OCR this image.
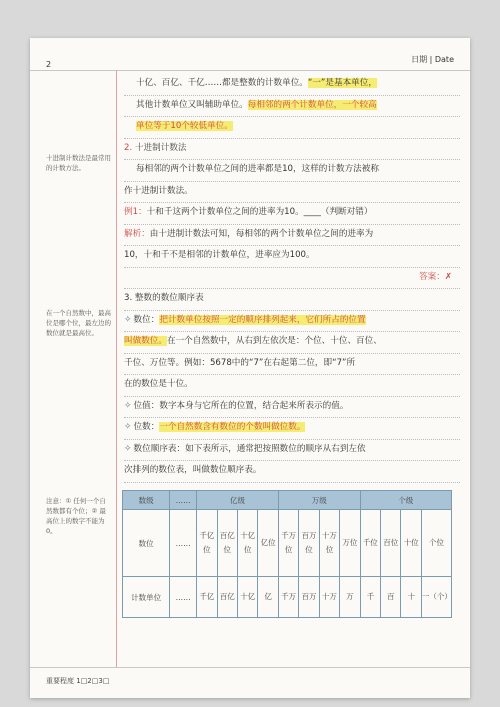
2
日期 | Date
十进制计数法是最常用的计数方法。
在一个自然数中，最高位是哪个位，最左边的数位就是最高位。
注意：① 任何一个自然数都有个位；② 最高位上的数字不能为0。
十亿、百亿、千亿……都是整数的计数单位。“一”是基本单位，
其他计数单位又叫辅助单位。每相邻的两个计数单位，一个较高
单位等于10个较低单位。
2. 十进制计数法
每相邻的两个计数单位之间的进率都是10，这样的计数方法被称
作十进制计数法。
例1：十和千这两个计数单位之间的进率为10。____（判断对错）
解析：由十进制计数法可知，每相邻的两个计数单位之间的进率为
10，十和千不是相邻的计数单位，进率应为100。
答案：✗
3. 整数的数位顺序表
✧ 数位：把计数单位按照一定的顺序排列起来，它们所占的位置
叫做数位。在一个自然数中，从右到左依次是：个位、十位、百位、
千位、万位等。例如：5678中的“7”在右起第二位，即“7”所
在的数位是十位。
✧ 位值：数字本身与它所在的位置，结合起来所表示的值。
✧ 位数：一个自然数含有数位的个数叫做位数。
✧ 数位顺序表：如下表所示，通常把按照数位的顺序从右到左依
次排列的数位表，叫做数位顺序表。
数级	……	亿级				万级				个级			
数位	……	千亿位	百亿位	十亿位	亿位	千万位	百万位	十万位	万位	千位	百位	十位	个位
计数单位	……	千亿	百亿	十亿	亿	千万	百万	十万	万	千	百	十	一（个）
重要程度 1□2□3□
